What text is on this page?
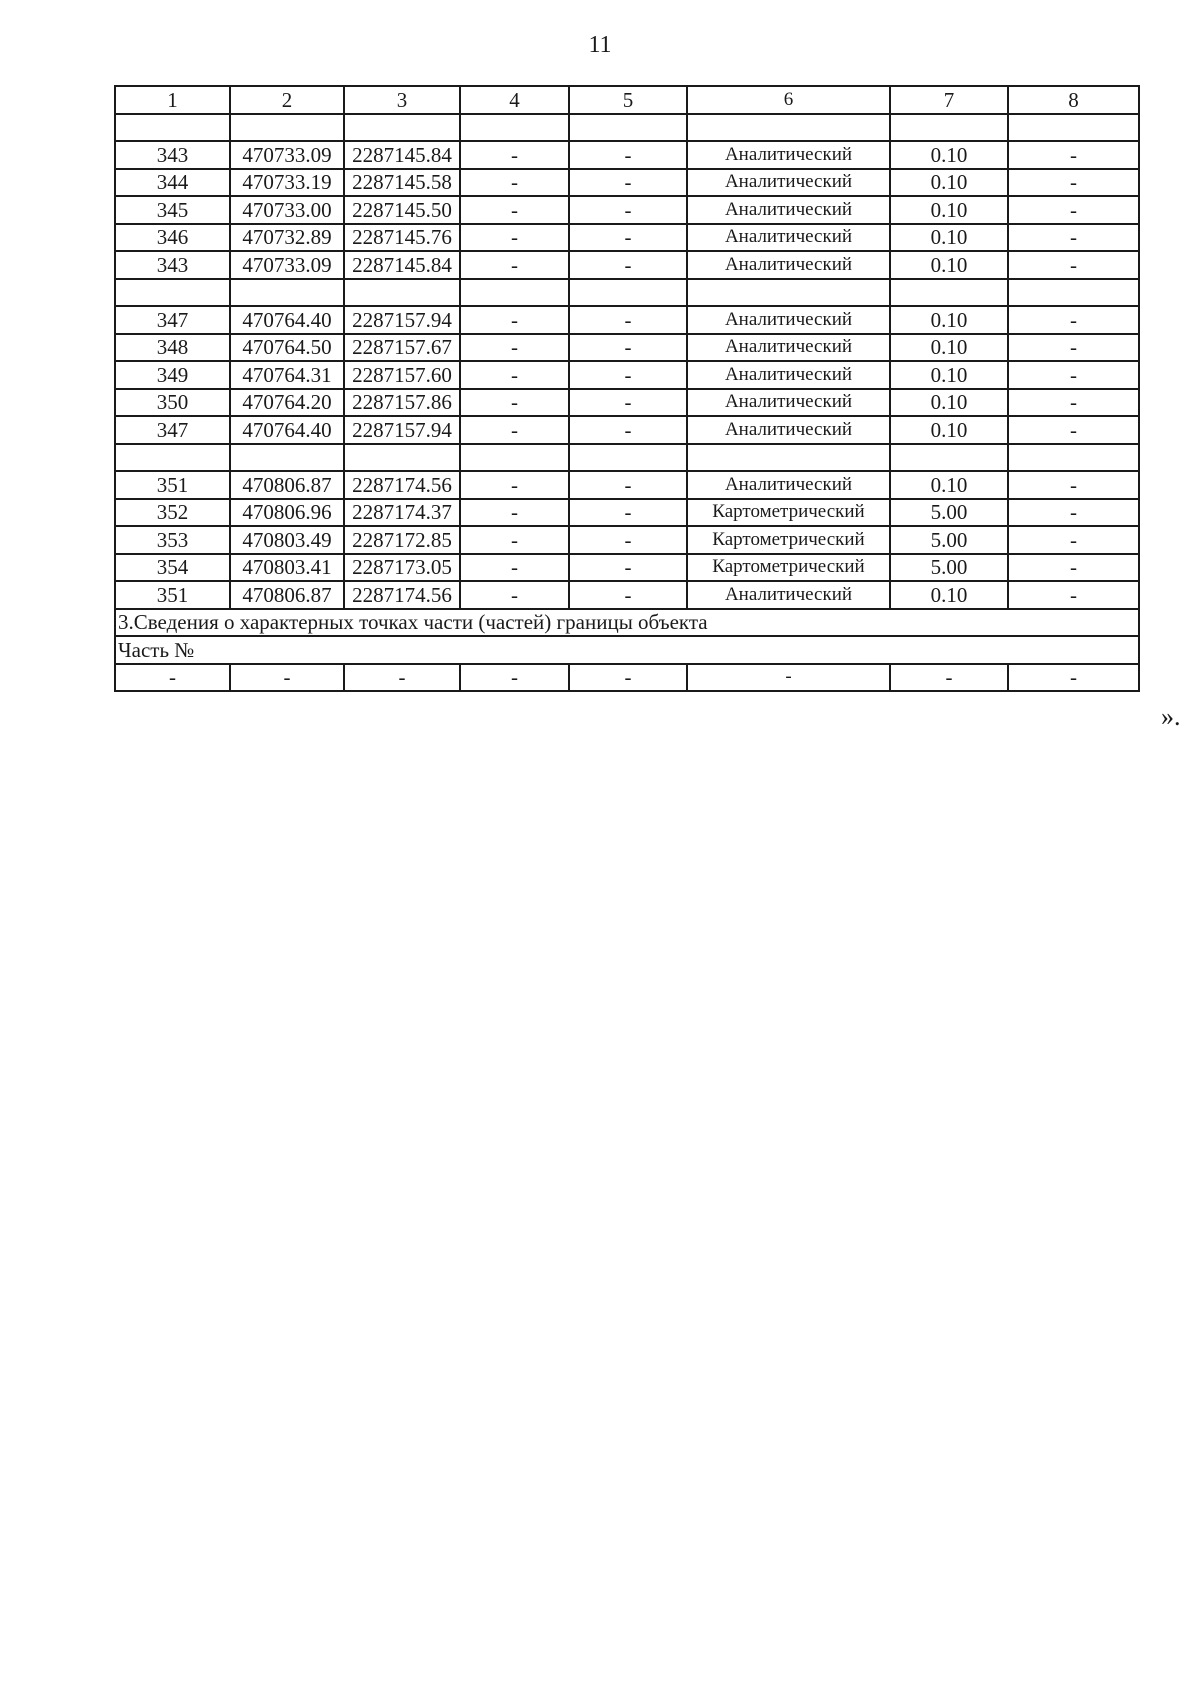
11
1	2	3	4	5	6	7	8

343	470733.09	2287145.84	-	-	Аналитический	0.10	-
344	470733.19	2287145.58	-	-	Аналитический	0.10	-
345	470733.00	2287145.50	-	-	Аналитический	0.10	-
346	470732.89	2287145.76	-	-	Аналитический	0.10	-
343	470733.09	2287145.84	-	-	Аналитический	0.10	-

347	470764.40	2287157.94	-	-	Аналитический	0.10	-
348	470764.50	2287157.67	-	-	Аналитический	0.10	-
349	470764.31	2287157.60	-	-	Аналитический	0.10	-
350	470764.20	2287157.86	-	-	Аналитический	0.10	-
347	470764.40	2287157.94	-	-	Аналитический	0.10	-

351	470806.87	2287174.56	-	-	Аналитический	0.10	-
352	470806.96	2287174.37	-	-	Картометрический	5.00	-
353	470803.49	2287172.85	-	-	Картометрический	5.00	-
354	470803.41	2287173.05	-	-	Картометрический	5.00	-
351	470806.87	2287174.56	-	-	Аналитический	0.10	-
3.Сведения о характерных точках части (частей) границы объекта							
Часть №							
-	-	-	-	-	-	-	-
».
